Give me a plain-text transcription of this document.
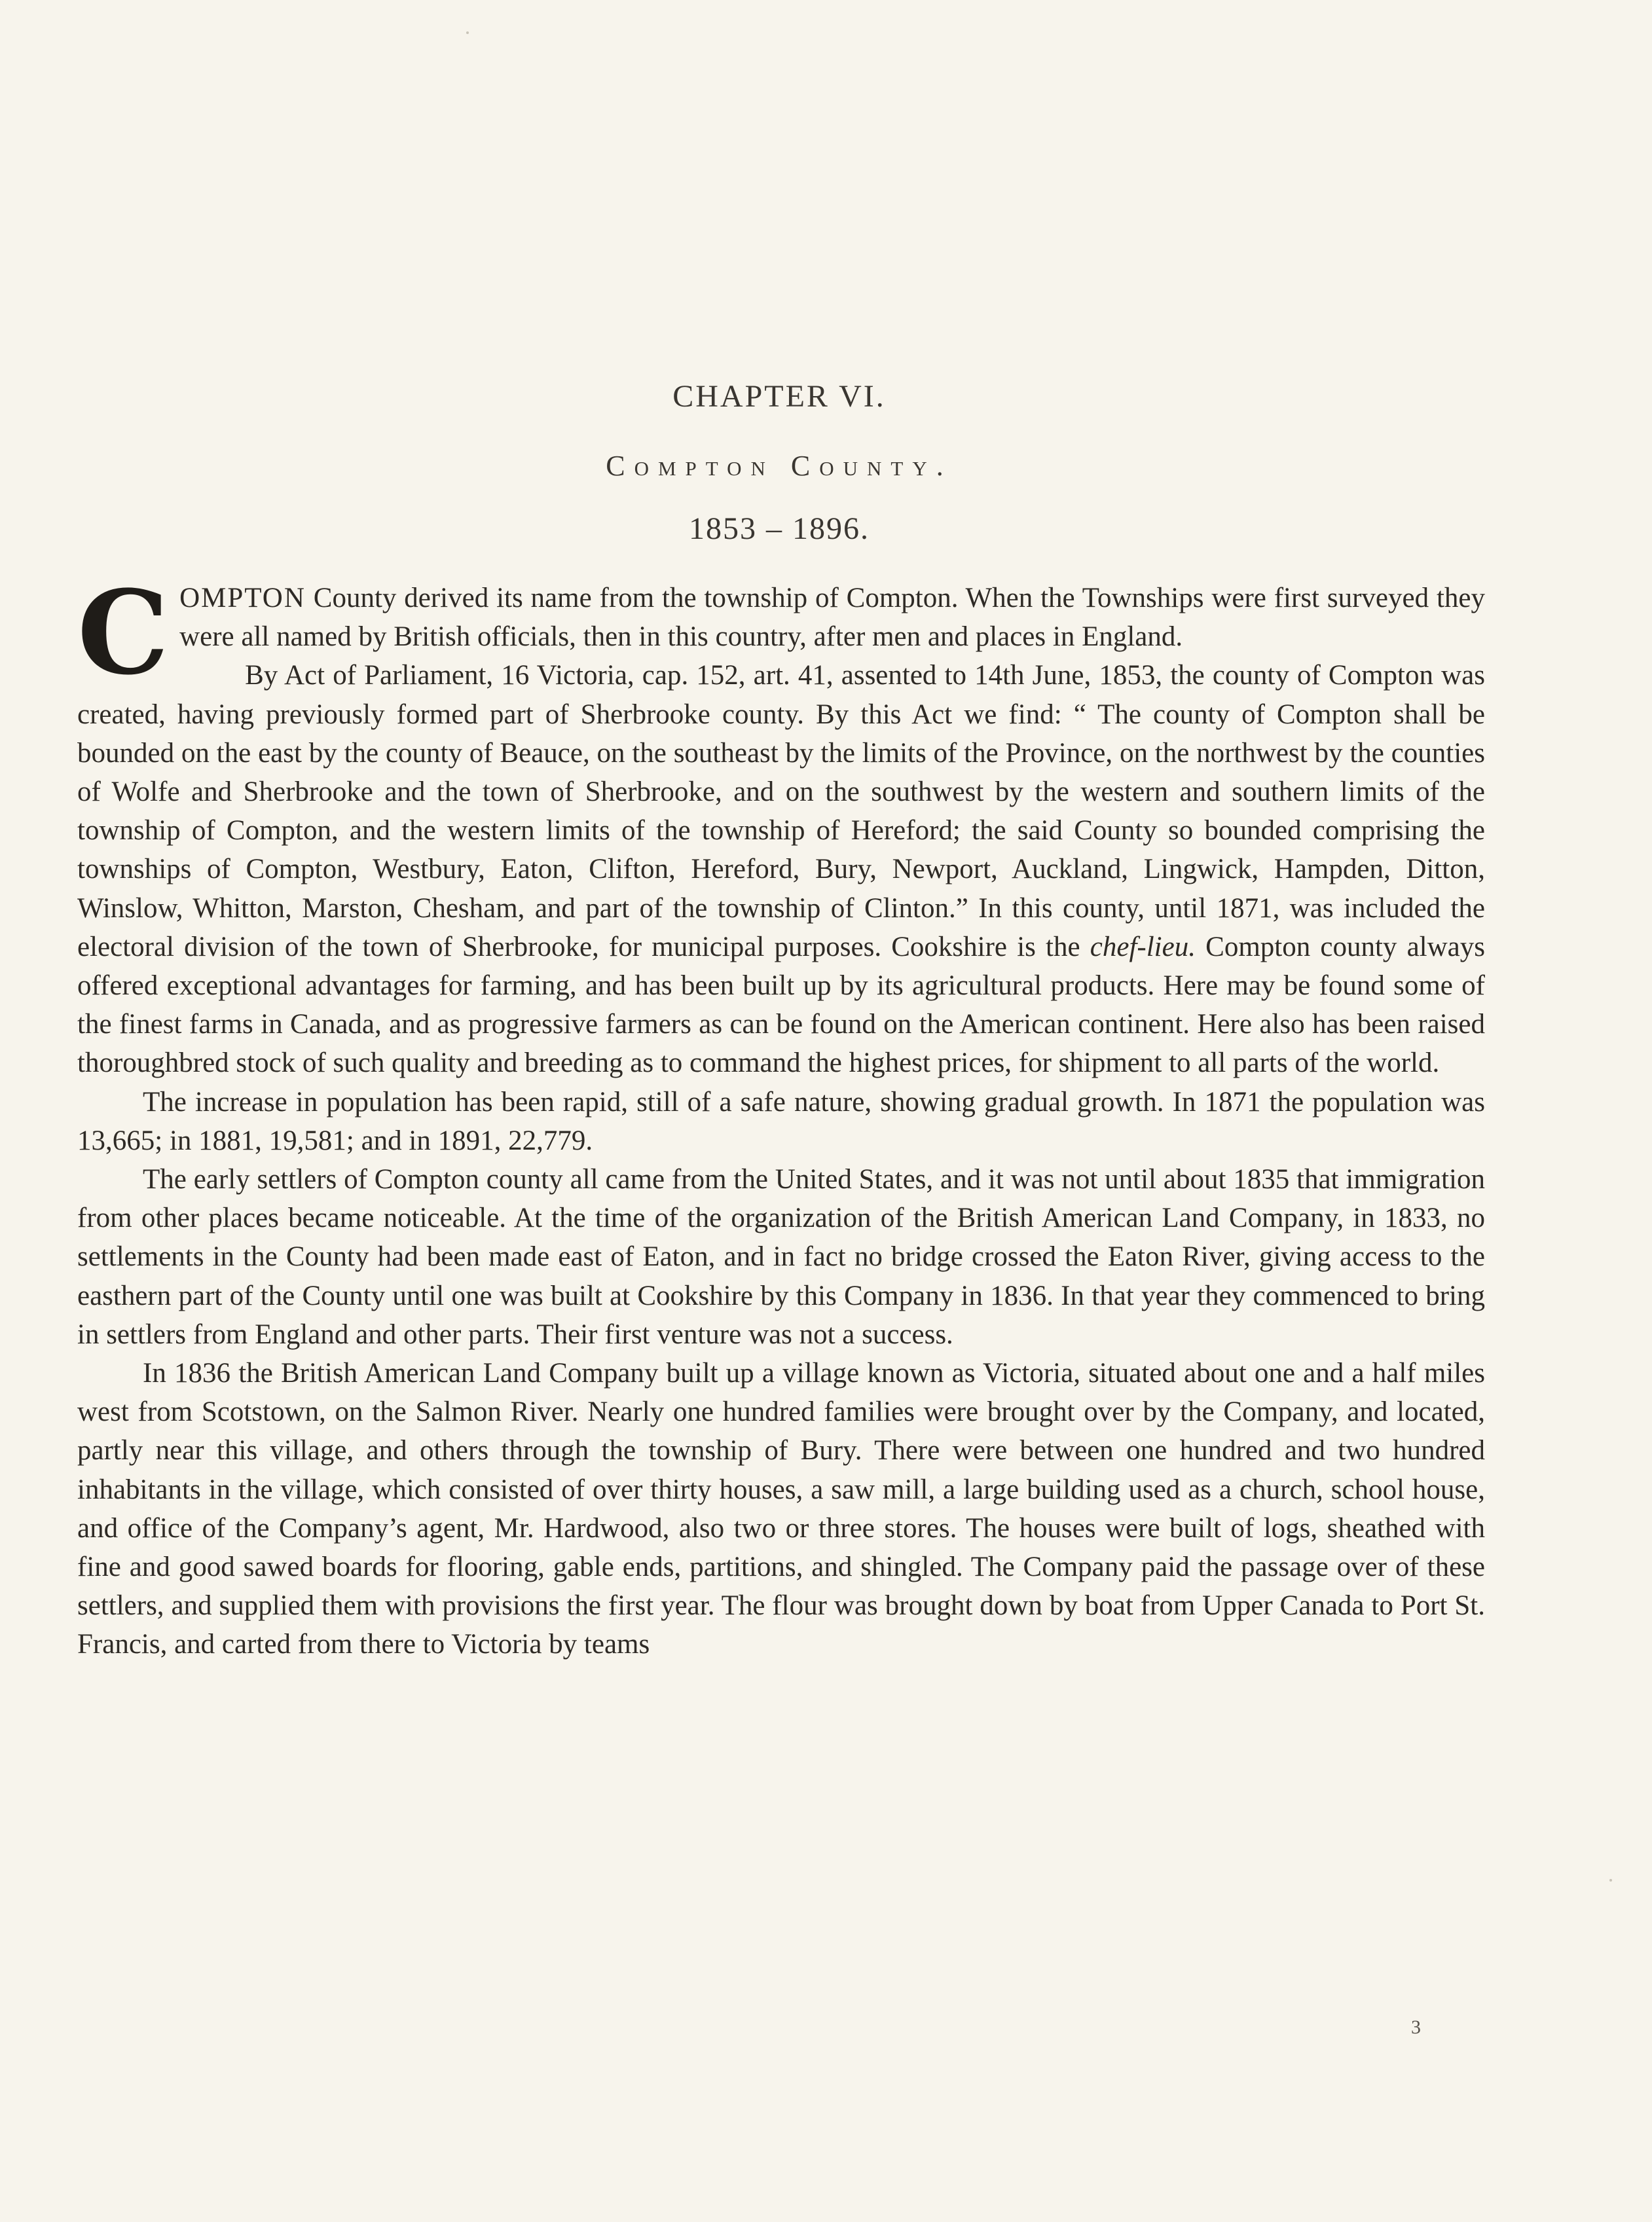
CHAPTER VI.
Compton County.
1853 – 1896.

COMPTON County derived its name from the township of Compton. When the Townships were first surveyed they were all named by British officials, then in this country, after men and places in England.

By Act of Parliament, 16 Victoria, cap. 152, art. 41, assented to 14th June, 1853, the county of Compton was created, having previously formed part of Sherbrooke county. By this Act we find: “ The county of Compton shall be bounded on the east by the county of Beauce, on the southeast by the limits of the Province, on the northwest by the counties of Wolfe and Sherbrooke and the town of Sherbrooke, and on the southwest by the western and southern limits of the township of Compton, and the western limits of the township of Hereford; the said County so bounded comprising the townships of Compton, Westbury, Eaton, Clifton, Hereford, Bury, Newport, Auckland, Lingwick, Hampden, Ditton, Winslow, Whitton, Marston, Chesham, and part of the township of Clinton.” In this county, until 1871, was included the electoral division of the town of Sherbrooke, for municipal purposes. Cookshire is the chef-lieu. Compton county always offered exceptional advantages for farming, and has been built up by its agricultural products. Here may be found some of the finest farms in Canada, and as progressive farmers as can be found on the American continent. Here also has been raised thoroughbred stock of such quality and breeding as to command the highest prices, for shipment to all parts of the world.

The increase in population has been rapid, still of a safe nature, showing gradual growth. In 1871 the population was 13,665; in 1881, 19,581; and in 1891, 22,779.

The early settlers of Compton county all came from the United States, and it was not until about 1835 that immigration from other places became noticeable. At the time of the organization of the British American Land Company, in 1833, no settlements in the County had been made east of Eaton, and in fact no bridge crossed the Eaton River, giving access to the easthern part of the County until one was built at Cookshire by this Company in 1836. In that year they commenced to bring in settlers from England and other parts. Their first venture was not a success.

In 1836 the British American Land Company built up a village known as Victoria, situated about one and a half miles west from Scotstown, on the Salmon River. Nearly one hundred families were brought over by the Company, and located, partly near this village, and others through the township of Bury. There were between one hundred and two hundred inhabitants in the village, which consisted of over thirty houses, a saw mill, a large building used as a church, school house, and office of the Company’s agent, Mr. Hardwood, also two or three stores. The houses were built of logs, sheathed with fine and good sawed boards for flooring, gable ends, partitions, and shingled. The Company paid the passage over of these settlers, and supplied them with provisions the first year. The flour was brought down by boat from Upper Canada to Port St. Francis, and carted from there to Victoria by teams

3
